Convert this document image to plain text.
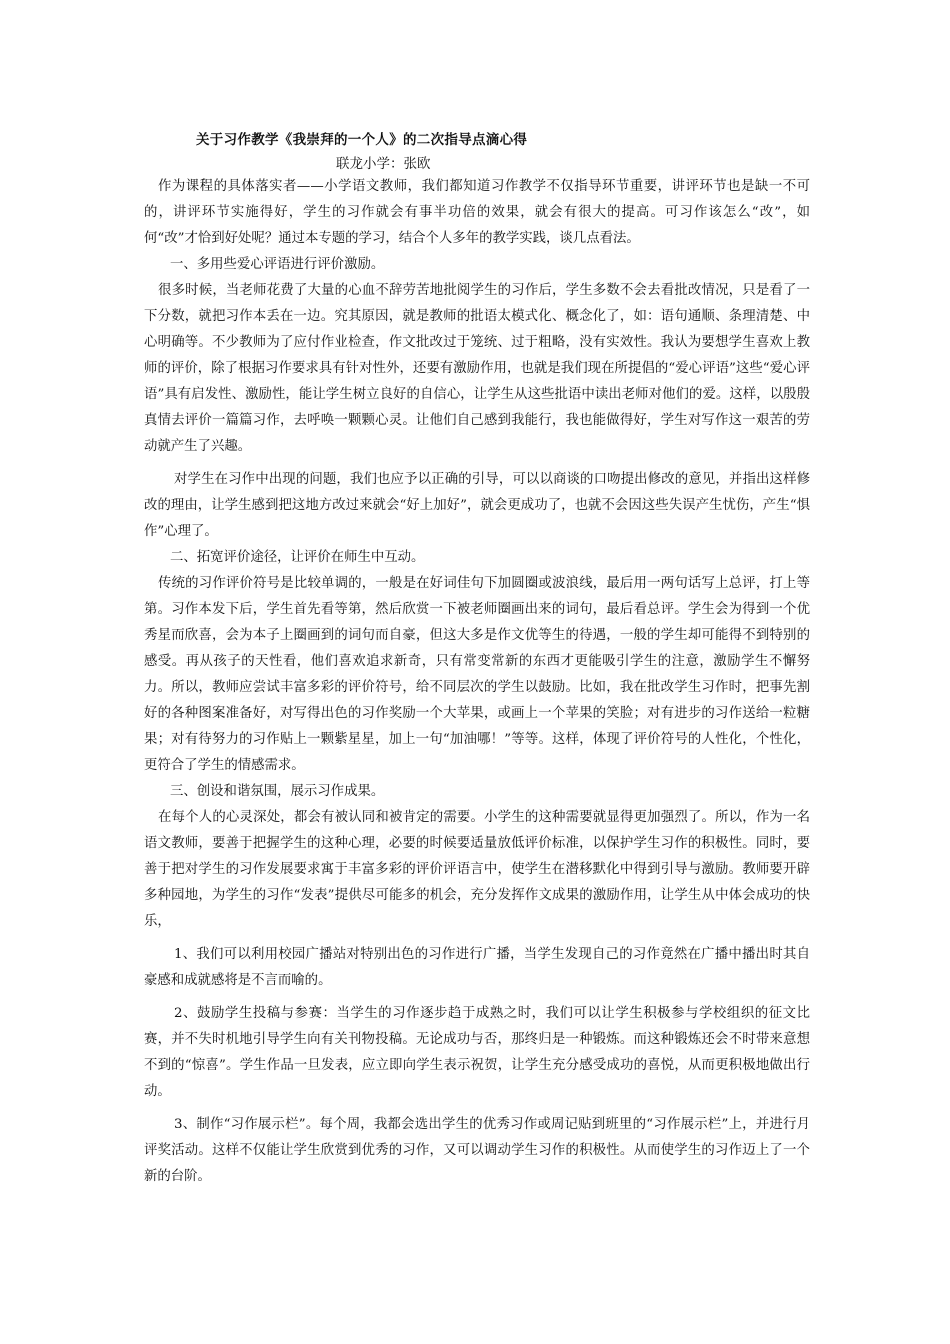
关于习作教学《我崇拜的一个人》的二次指导点滴心得
联龙小学：张欧

作为课程的具体落实者——小学语文教师，我们都知道习作教学不仅指导环节重要，讲评环节也是缺一不可的，讲评环节实施得好，学生的习作就会有事半功倍的效果，就会有很大的提高。可习作该怎么“改”，如何“改”才恰到好处呢？通过本专题的学习，结合个人多年的教学实践，谈几点看法。

一、多用些爱心评语进行评价激励。

很多时候，当老师花费了大量的心血不辞劳苦地批阅学生的习作后，学生多数不会去看批改情况，只是看了一下分数，就把习作本丢在一边。究其原因，就是教师的批语太模式化、概念化了，如：语句通顺、条理清楚、中心明确等。不少教师为了应付作业检查，作文批改过于笼统、过于粗略，没有实效性。我认为要想学生喜欢上教师的评价，除了根据习作要求具有针对性外，还要有激励作用，也就是我们现在所提倡的“爱心评语”这些“爱心评语”具有启发性、激励性，能让学生树立良好的自信心，让学生从这些批语中读出老师对他们的爱。这样，以殷殷真情去评价一篇篇习作，去呼唤一颗颗心灵。让他们自己感到我能行，我也能做得好，学生对写作这一艰苦的劳动就产生了兴趣。

对学生在习作中出现的问题，我们也应予以正确的引导，可以以商谈的口吻提出修改的意见，并指出这样修改的理由，让学生感到把这地方改过来就会“好上加好”，就会更成功了，也就不会因这些失误产生忧伤，产生“惧作”心理了。

二、拓宽评价途径，让评价在师生中互动。

传统的习作评价符号是比较单调的，一般是在好词佳句下加圆圈或波浪线，最后用一两句话写上总评，打上等第。习作本发下后，学生首先看等第，然后欣赏一下被老师圈画出来的词句，最后看总评。学生会为得到一个优秀星而欣喜，会为本子上圈画到的词句而自豪，但这大多是作文优等生的待遇，一般的学生却可能得不到特别的感受。再从孩子的天性看，他们喜欢追求新奇，只有常变常新的东西才更能吸引学生的注意，激励学生不懈努力。所以，教师应尝试丰富多彩的评价符号，给不同层次的学生以鼓励。比如，我在批改学生习作时，把事先割好的各种图案准备好，对写得出色的习作奖励一个大苹果，或画上一个苹果的笑脸；对有进步的习作送给一粒糖果；对有待努力的习作贴上一颗紫星星，加上一句“加油哪！”等等。这样，体现了评价符号的人性化，个性化，更符合了学生的情感需求。

三、创设和谐氛围，展示习作成果。

在每个人的心灵深处，都会有被认同和被肯定的需要。小学生的这种需要就显得更加强烈了。所以，作为一名语文教师，要善于把握学生的这种心理，必要的时候要适量放低评价标准，以保护学生习作的积极性。同时，要善于把对学生的习作发展要求寓于丰富多彩的评价评语言中，使学生在潜移默化中得到引导与激励。教师要开辟多种园地，为学生的习作“发表”提供尽可能多的机会，充分发挥作文成果的激励作用，让学生从中体会成功的快乐，

1、我们可以利用校园广播站对特别出色的习作进行广播，当学生发现自己的习作竟然在广播中播出时其自豪感和成就感将是不言而喻的。

2、鼓励学生投稿与参赛：当学生的习作逐步趋于成熟之时，我们可以让学生积极参与学校组织的征文比赛，并不失时机地引导学生向有关刊物投稿。无论成功与否，那终归是一种锻炼。而这种锻炼还会不时带来意想不到的“惊喜”。学生作品一旦发表，应立即向学生表示祝贺，让学生充分感受成功的喜悦，从而更积极地做出行动。

3、制作“习作展示栏”。每个周，我都会选出学生的优秀习作或周记贴到班里的“习作展示栏”上，并进行月评奖活动。这样不仅能让学生欣赏到优秀的习作，又可以调动学生习作的积极性。从而使学生的习作迈上了一个新的台阶。
